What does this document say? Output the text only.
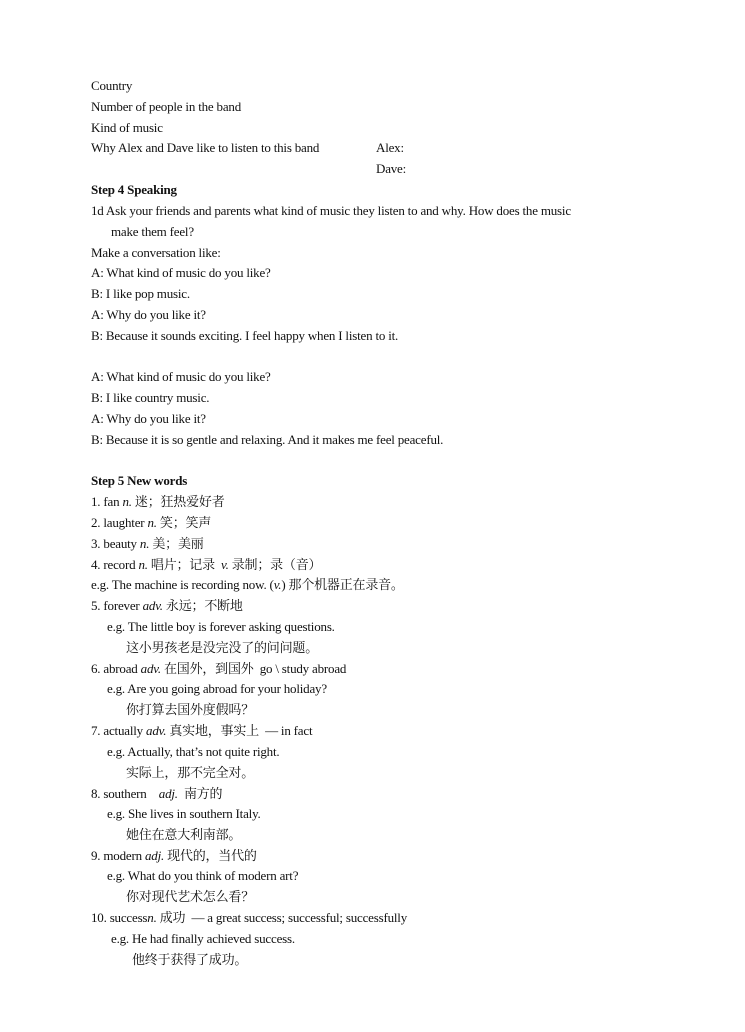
Country
Number of people in the band
Kind of music
Why Alex and Dave like to listen to this band	Alex:
Dave:
Step 4 Speaking
1d Ask your friends and parents what kind of music they listen to and why. How does the music
make them feel?
Make a conversation like:
A: What kind of music do you like?
B: I like pop music.
A: Why do you like it?
B: Because it sounds exciting. I feel happy when I listen to it.
A: What kind of music do you like?
B: I like country music.
A: Why do you like it?
B: Because it is so gentle and relaxing. And it makes me feel peaceful.
Step 5 New words
1. fan n. 迷；狂热爱好者
2. laughter n. 笑；笑声
3. beauty n. 美；美丽
4. record n. 唱片；记录 v. 录制；录（音）
e.g. The machine is recording now. (v.) 那个机器正在录音。
5. forever adv. 永远；不断地
e.g. The little boy is forever asking questions.
这小男孩老是没完没了的问问题。
6. abroad adv. 在国外，到国外 go \ study abroad
e.g. Are you going abroad for your holiday?
你打算去国外度假吗？
7. actually adv. 真实地，事实上 — in fact
e.g. Actually, that’s not quite right.
实际上，那不完全对。
8. southern adj. 南方的
e.g. She lives in southern Italy.
她住在意大利南部。
9. modern adj. 现代的，当代的
e.g. What do you think of modern art?
你对现代艺术怎么看？
10. successn. 成功 — a great success; successful; successfully
e.g. He had finally achieved success.
他终于获得了成功。
